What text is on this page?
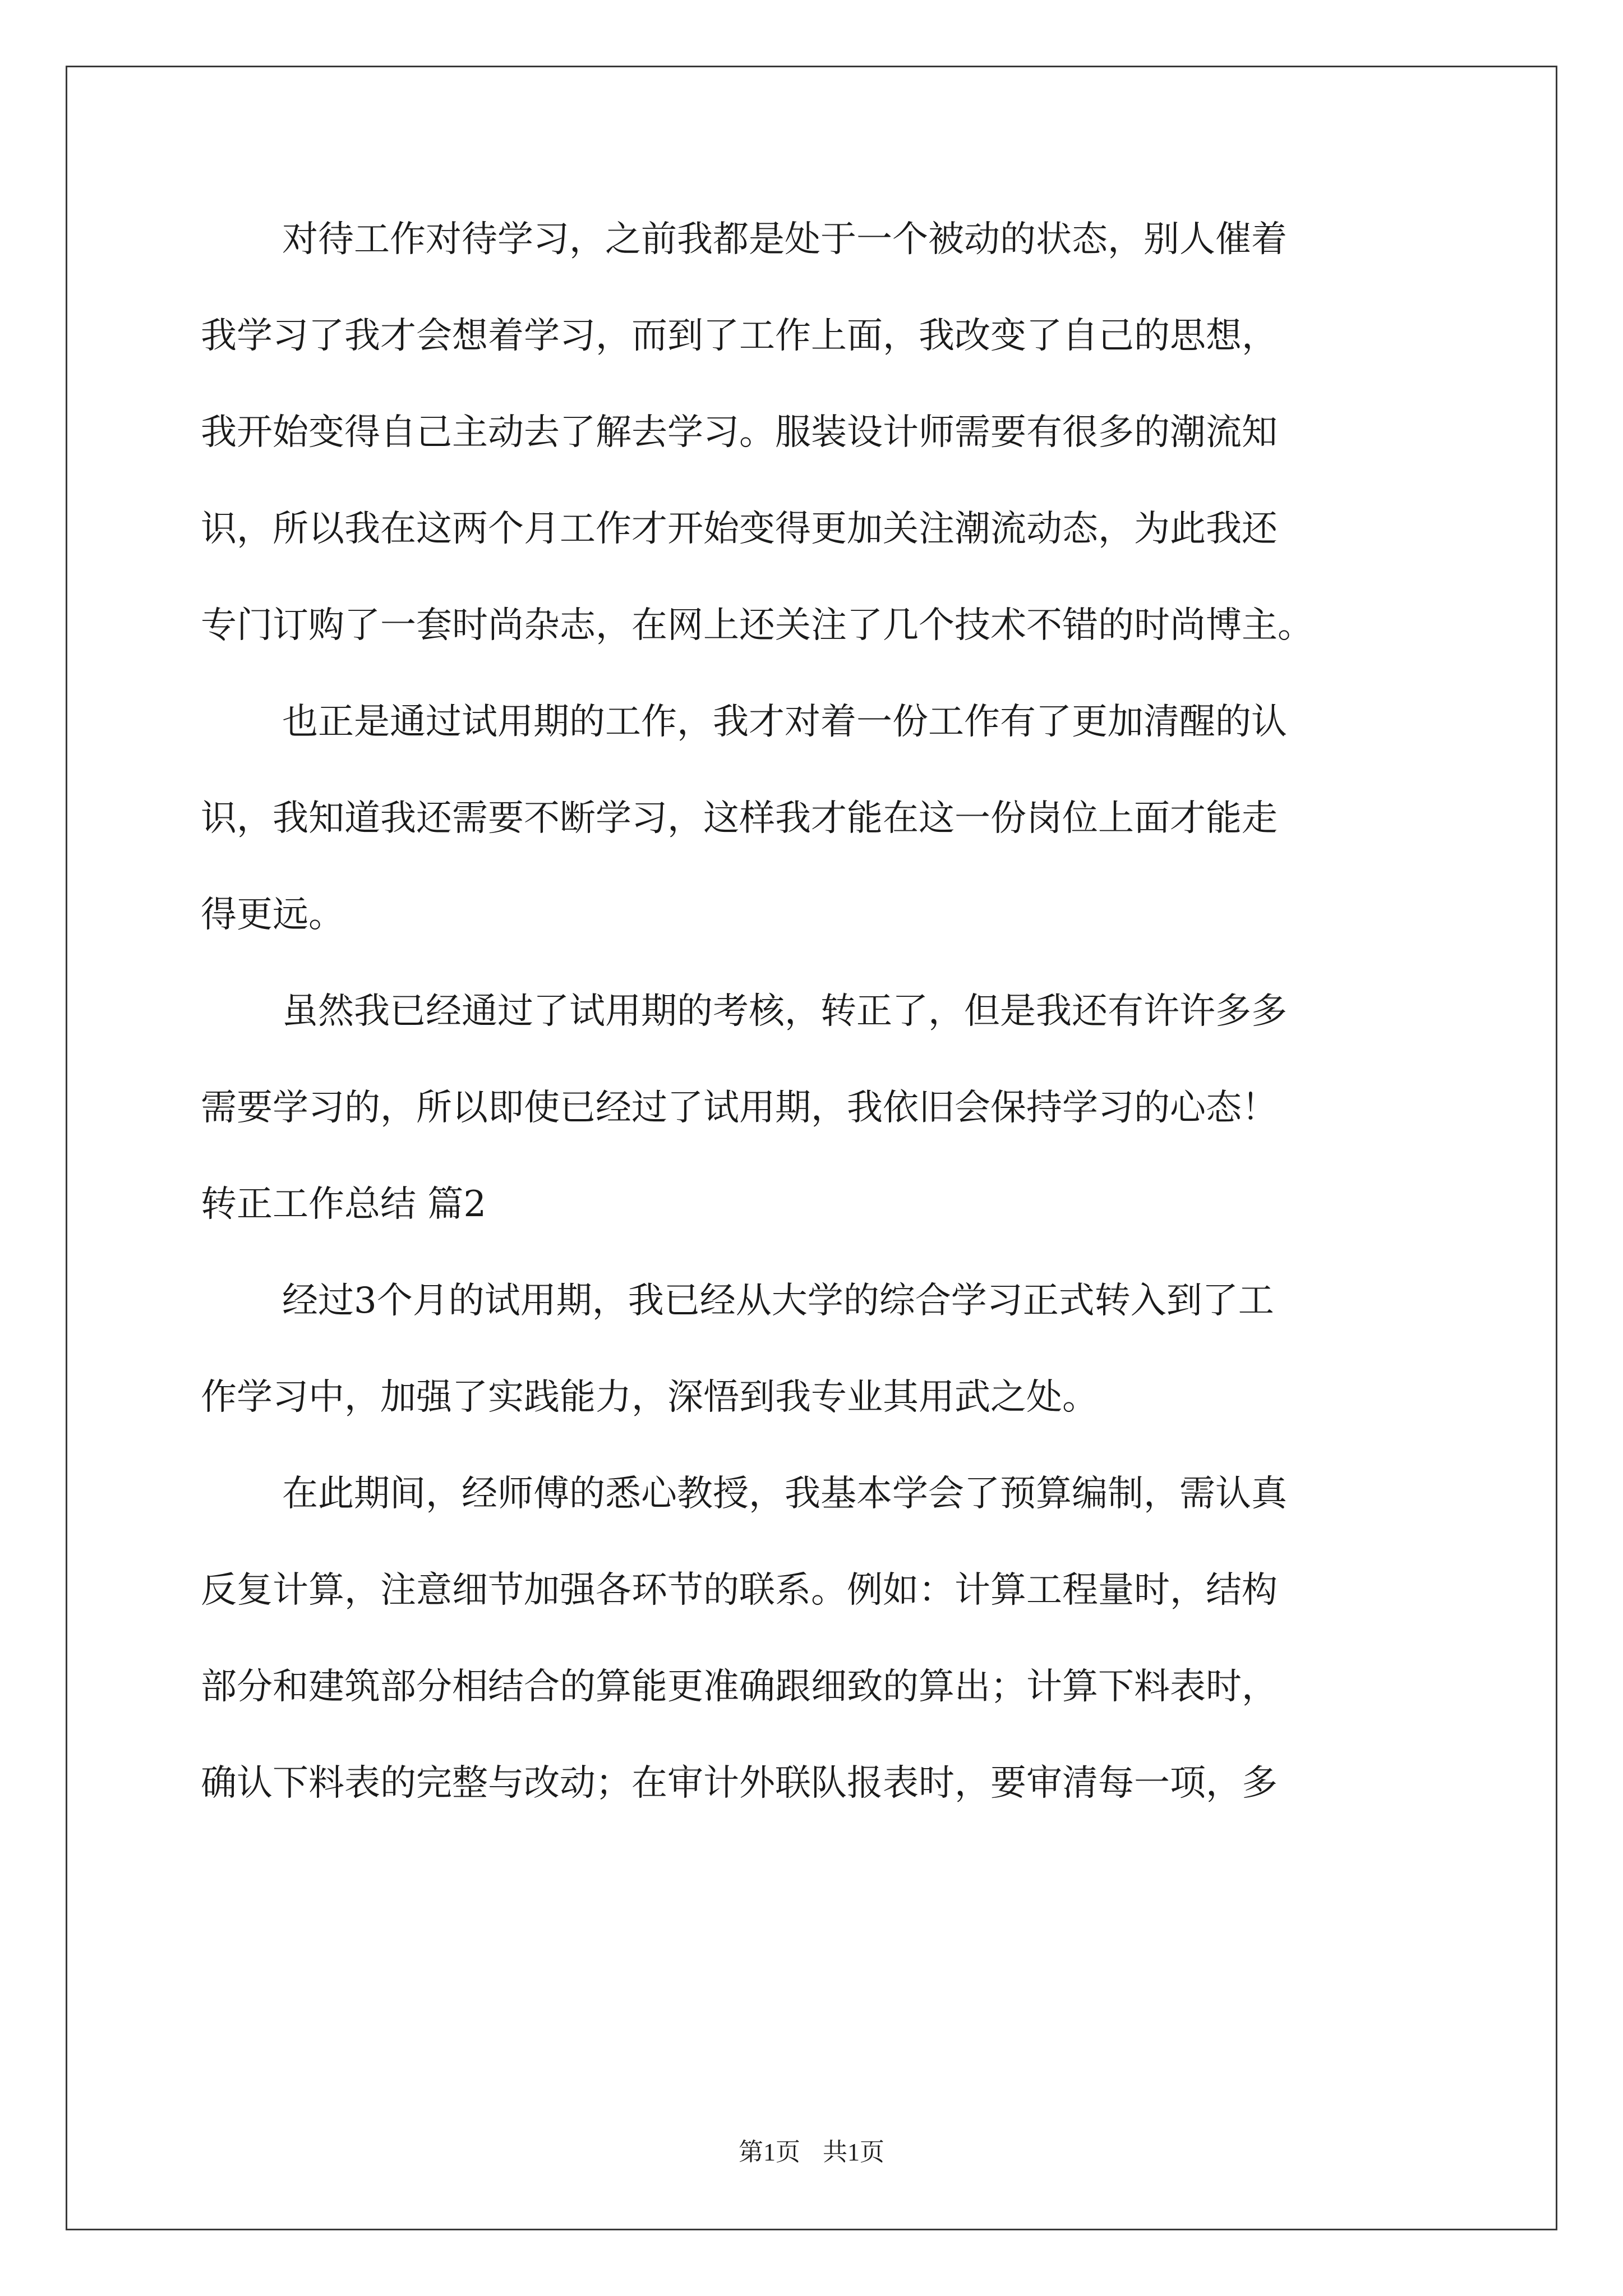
对待工作对待学习，之前我都是处于一个被动的状态，别人催着
我学习了我才会想着学习，而到了工作上面，我改变了自己的思想，
我开始变得自己主动去了解去学习。服装设计师需要有很多的潮流知
识，所以我在这两个月工作才开始变得更加关注潮流动态，为此我还
专门订购了一套时尚杂志，在网上还关注了几个技术不错的时尚博主。
也正是通过试用期的工作，我才对着一份工作有了更加清醒的认
识，我知道我还需要不断学习，这样我才能在这一份岗位上面才能走
得更远。
虽然我已经通过了试用期的考核，转正了，但是我还有许许多多
需要学习的，所以即使已经过了试用期，我依旧会保持学习的心态！
转正工作总结 篇2
经过3个月的试用期，我已经从大学的综合学习正式转入到了工
作学习中，加强了实践能力，深悟到我专业其用武之处。
在此期间，经师傅的悉心教授，我基本学会了预算编制，需认真
反复计算，注意细节加强各环节的联系。例如：计算工程量时，结构
部分和建筑部分相结合的算能更准确跟细致的算出；计算下料表时，
确认下料表的完整与改动；在审计外联队报表时，要审清每一项，多
第1页 共1页
